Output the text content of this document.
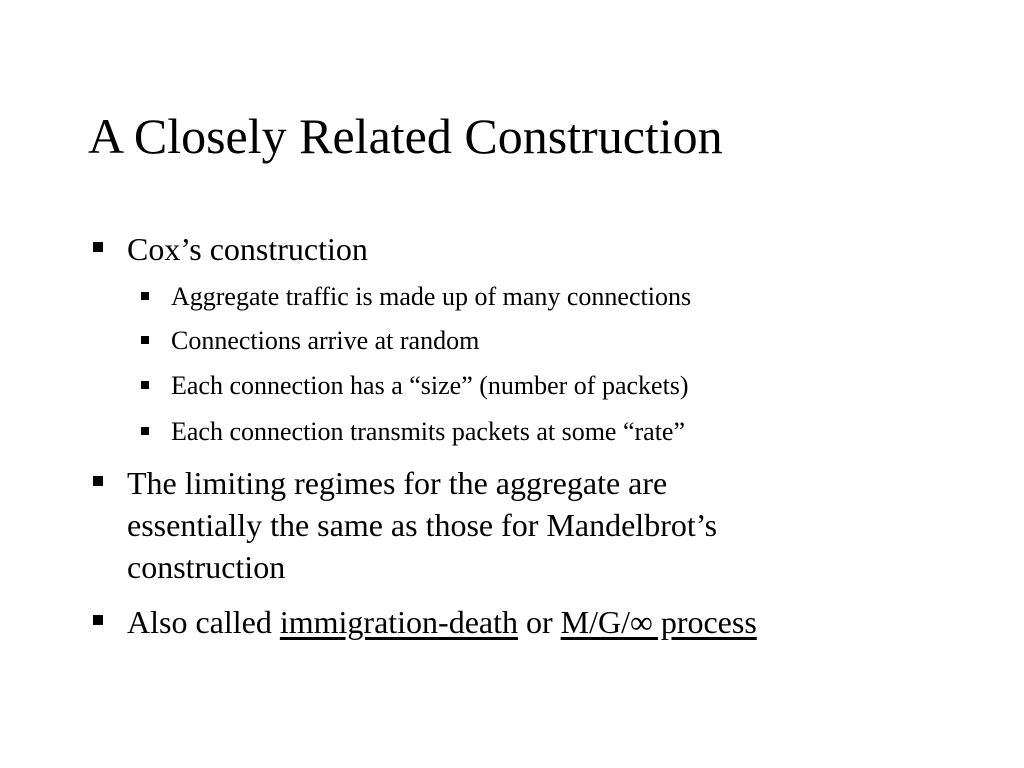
A Closely Related Construction
Cox’s construction
Aggregate traffic is made up of many connections
Connections arrive at random
Each connection has a “size” (number of packets)
Each connection transmits packets at some “rate”
The limiting regimes for the aggregate are
essentially the same as those for Mandelbrot’s
construction
Also called immigration-death or M/G/∞ process
